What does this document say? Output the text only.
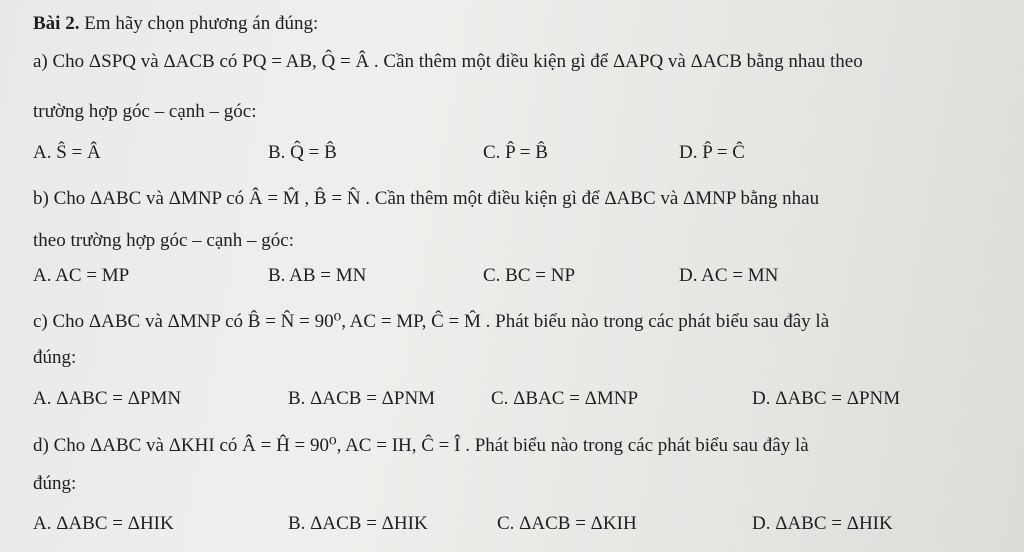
Bài 2. Em hãy chọn phương án đúng:
a) Cho ΔSPQ và ΔACB có PQ = AB, Q̂ = Â . Cần thêm một điều kiện gì để ΔAPQ và ΔACB bằng nhau theo
trường hợp góc – cạnh – góc:
A. Ŝ = Â	B. Q̂ = B̂	C. P̂ = B̂	D. P̂ = Ĉ
b) Cho ΔABC và ΔMNP có Â = M̂ , B̂ = N̂ . Cần thêm một điều kiện gì để ΔABC và ΔMNP bằng nhau
theo trường hợp góc – cạnh – góc:
A. AC = MP	B. AB = MN	C. BC = NP	D. AC = MN
c) Cho ΔABC và ΔMNP có B̂ = N̂ = 90⁰, AC = MP, Ĉ = M̂ . Phát biểu nào trong các phát biểu sau đây là
đúng:
A. ΔABC = ΔPMN	B. ΔACB = ΔPNM	C. ΔBAC = ΔMNP	D. ΔABC = ΔPNM
d) Cho ΔABC và ΔKHI có Â = Ĥ = 90⁰, AC = IH, Ĉ = Î . Phát biểu nào trong các phát biểu sau đây là
đúng:
A. ΔABC = ΔHIK	B. ΔACB = ΔHIK	C. ΔACB = ΔKIH	D. ΔABC = ΔHIK
